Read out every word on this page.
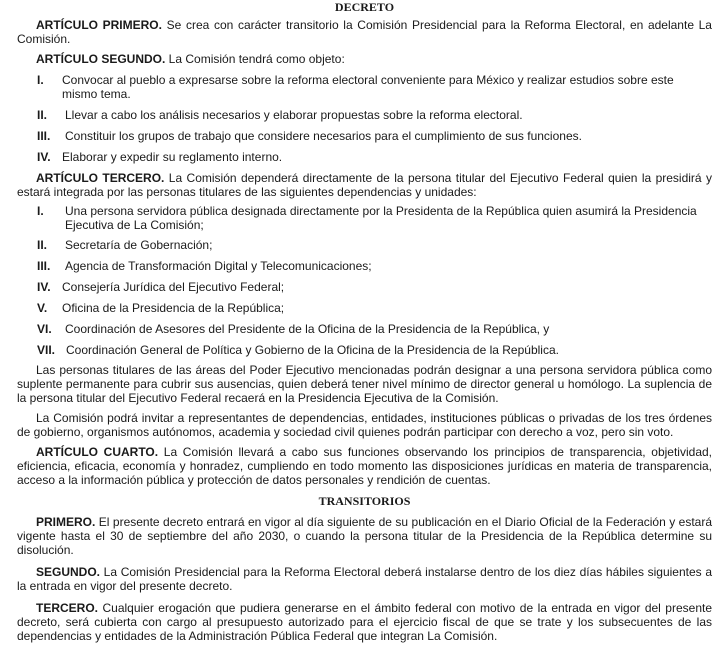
DECRETO

ARTÍCULO PRIMERO. Se crea con carácter transitorio la Comisión Presidencial para la Reforma Electoral, en adelante La Comisión.

ARTÍCULO SEGUNDO. La Comisión tendrá como objeto:

I.	Convocar al pueblo a expresarse sobre la reforma electoral conveniente para México y realizar estudios sobre este mismo tema.
II.	Llevar a cabo los análisis necesarios y elaborar propuestas sobre la reforma electoral.
III.	Constituir los grupos de trabajo que considere necesarios para el cumplimiento de sus funciones.
IV. Elaborar y expedir su reglamento interno.

ARTÍCULO TERCERO. La Comisión dependerá directamente de la persona titular del Ejecutivo Federal quien la presidirá y estará integrada por las personas titulares de las siguientes dependencias y unidades:

I.	Una persona servidora pública designada directamente por la Presidenta de la República quien asumirá la Presidencia Ejecutiva de La Comisión;
II.	Secretaría de Gobernación;
III.	Agencia de Transformación Digital y Telecomunicaciones;
IV. Consejería Jurídica del Ejecutivo Federal;
V.	Oficina de la Presidencia de la República;
VI.	Coordinación de Asesores del Presidente de la Oficina de la Presidencia de la República, y
VII. Coordinación General de Política y Gobierno de la Oficina de la Presidencia de la República.

Las personas titulares de las áreas del Poder Ejecutivo mencionadas podrán designar a una persona servidora pública como suplente permanente para cubrir sus ausencias, quien deberá tener nivel mínimo de director general u homólogo. La suplencia de la persona titular del Ejecutivo Federal recaerá en la Presidencia Ejecutiva de la Comisión.

La Comisión podrá invitar a representantes de dependencias, entidades, instituciones públicas o privadas de los tres órdenes de gobierno, organismos autónomos, academia y sociedad civil quienes podrán participar con derecho a voz, pero sin voto.

ARTÍCULO CUARTO. La Comisión llevará a cabo sus funciones observando los principios de transparencia, objetividad, eficiencia, eficacia, economía y honradez, cumpliendo en todo momento las disposiciones jurídicas en materia de transparencia, acceso a la información pública y protección de datos personales y rendición de cuentas.

TRANSITORIOS

PRIMERO. El presente decreto entrará en vigor al día siguiente de su publicación en el Diario Oficial de la Federación y estará vigente hasta el 30 de septiembre del año 2030, o cuando la persona titular de la Presidencia de la República determine su disolución.

SEGUNDO. La Comisión Presidencial para la Reforma Electoral deberá instalarse dentro de los diez días hábiles siguientes a la entrada en vigor del presente decreto.

TERCERO. Cualquier erogación que pudiera generarse en el ámbito federal con motivo de la entrada en vigor del presente decreto, será cubierta con cargo al presupuesto autorizado para el ejercicio fiscal de que se trate y los subsecuentes de las dependencias y entidades de la Administración Pública Federal que integran La Comisión.
